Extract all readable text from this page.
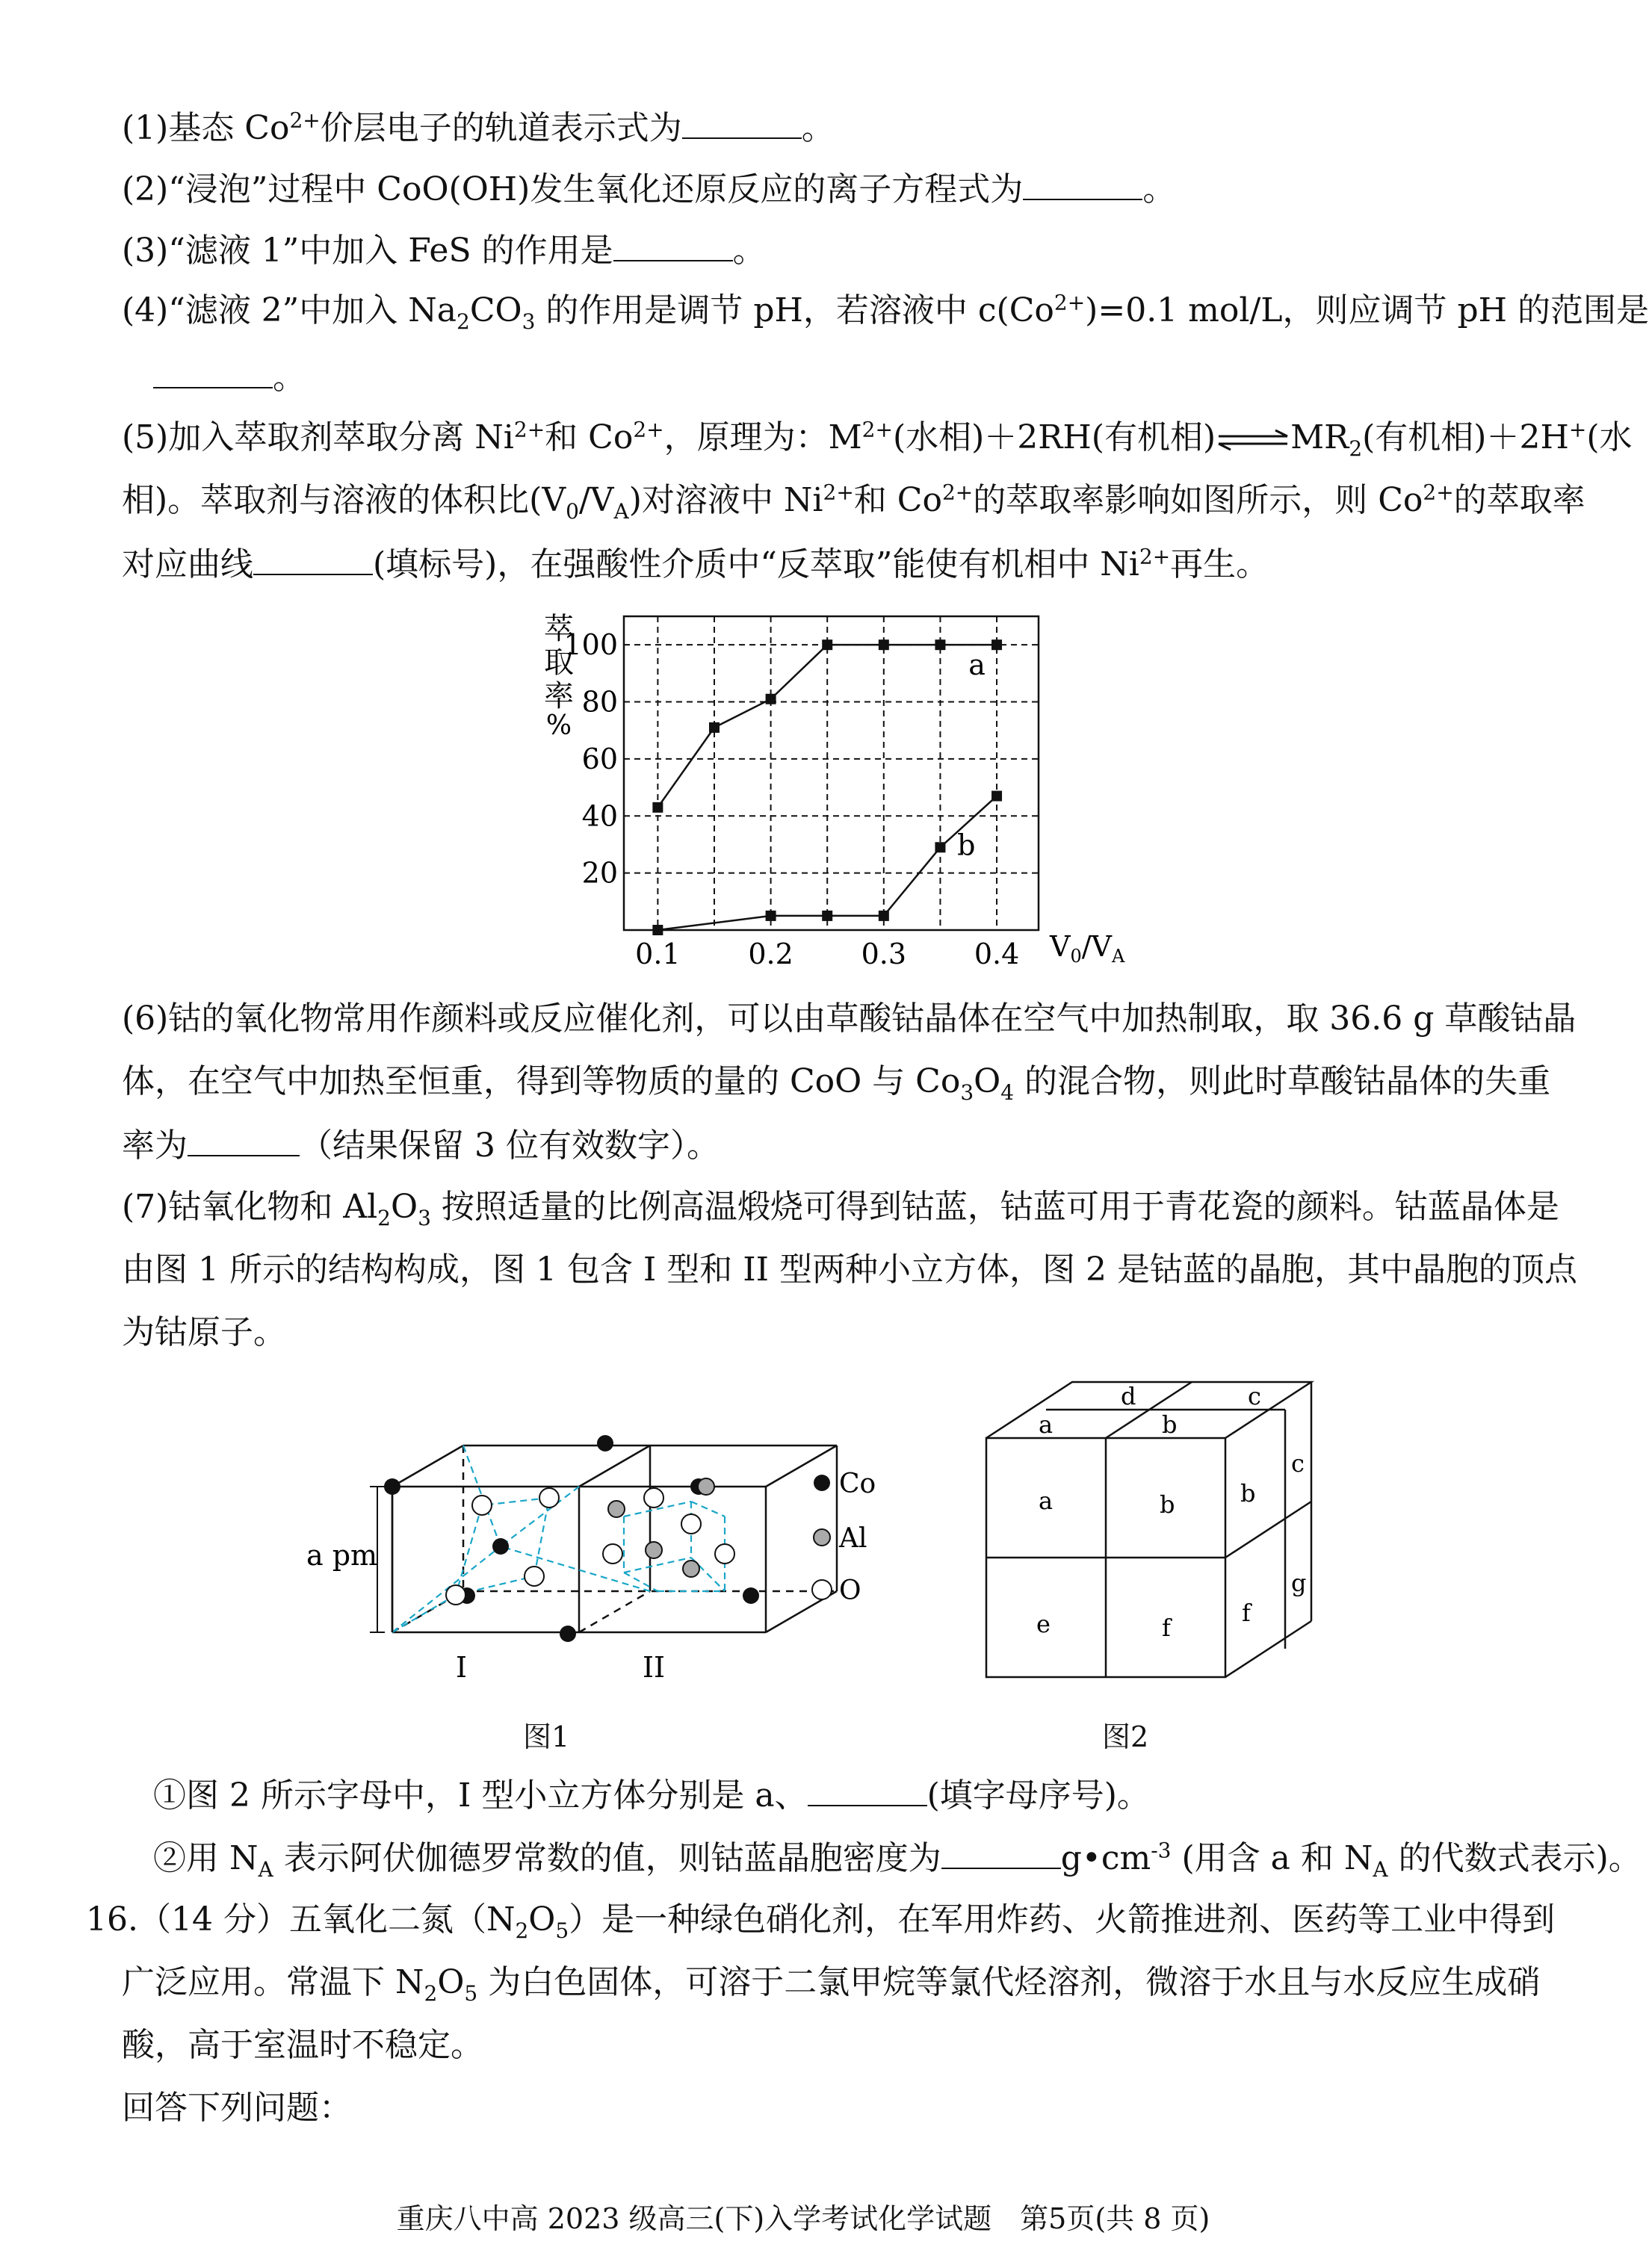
(1)基态 $Co^{2+}$价层电子的轨道表示式为	。
(2)“浸泡”过程中 CoO(OH)发生氧化还原反应的离子方程式为	。
(3)“滤液 1”中加入 FeS 的作用是	。
(4)“滤液 2”中加入 $Na_2CO_3$ 的作用是调节 pH，若溶液中 $c(Co^{2+})=0.1$ mol/L，则应调节 pH 的范围是
。
(5)加入萃取剂萃取分离 $Ni^{2+}$和 $Co^{2+}$，原理为：$M^{2+}$(水相)＋2RH(有机相)$\rightleftharpoons MR_2$(有机相)＋2H+(水
相)。萃取剂与溶液的体积比$(V_0/V_A)$对溶液中 $Ni^{2+}$和 $Co^{2+}$的萃取率影响如图所示，则 $Co^{2+}$的萃取率
对应曲线	(填标号)，在强酸性介质中“反萃取”能使有机相中 $Ni^{2+}$再生。
萃
取
率
%
20
40
60
80
100
0.1 0.2 0.3 0.4
a
b
$V_0/V_A$
(6)钴的氧化物常用作颜料或反应催化剂，可以由草酸钴晶体在空气中加热制取，取 36.6 g 草酸钴晶
体，在空气中加热至恒重，得到等物质的量的 CoO 与 $Co_3O_4$ 的混合物，则此时草酸钴晶体的失重
率为	（结果保留 3 位有效数字）。
(7)钴氧化物和 $Al_2O_3$ 按照适量的比例高温煅烧可得到钴蓝，钴蓝可用于青花瓷的颜料。钴蓝晶体是
由图 1 所示的结构构成，图 1 包含 I 型和 II 型两种小立方体，图 2 是钴蓝的晶胞，其中晶胞的顶点
为钴原子。
a pm
I	II
Co
Al
O
图1
d	c
a	b
a	b
e	f
b
c
f
g
图2
①图 2 所示字母中，I 型小立方体分别是 a、	(填字母序号)。
②用 $N_A$ 表示阿伏伽德罗常数的值，则钴蓝晶胞密度为	$g•cm^{-3}$ (用含 a 和 $N_A$ 的代数式表示)。
16.（14 分）五氧化二氮$(N_2O_5)$是一种绿色硝化剂，在军用炸药、火箭推进剂、医药等工业中得到
广泛应用。常温下 $N_2O_5$ 为白色固体，可溶于二氯甲烷等氯代烃溶剂，微溶于水且与水反应生成硝
酸，高于室温时不稳定。
回答下列问题：
重庆八中高 2023 级高三(下)入学考试化学试题　第5页(共 8 页)
